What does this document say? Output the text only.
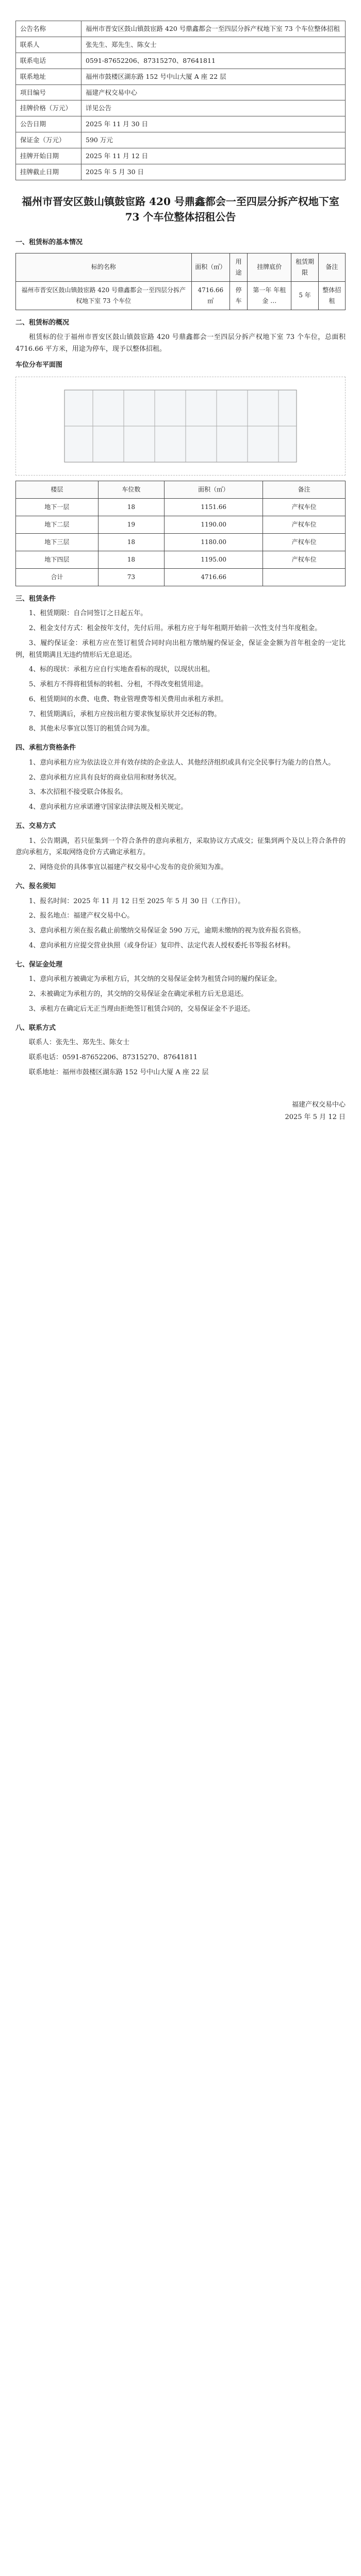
公告名称	福州市晋安区鼓山镇鼓宦路 420 号鼎鑫都会一至四层分拆产权地下室 73 个车位整体招租
联系人	张先生、郑先生、陈女士
联系电话	0591-87652206、87315270、87641811
联系地址	福州市鼓楼区湖东路 152 号中山大厦 A 座 22 层
项目编号	福建产权交易中心
挂牌价格（万元）	详见公告
公告日期	2025 年 11 月 30 日
保证金（万元）	590 万元
挂牌开始日期	2025 年 11 月 12 日
挂牌截止日期	2025 年 5 月 30 日
福州市晋安区鼓山镇鼓宦路 420 号鼎鑫都会一至四层分拆产权地下室 73 个车位整体招租公告
一、租赁标的基本情况
标的名称	面积（㎡）	用途	挂牌底价	租赁期限	备注
福州市晋安区鼓山镇鼓宦路 420 号鼎鑫都会一至四层分拆产权地下室 73 个车位	4716.66 ㎡	停车	第一年 年租金 …	5 年	整体招租
二、租赁标的概况

租赁标的位于福州市晋安区鼓山镇鼓宦路 420 号鼎鑫都会一至四层分拆产权地下室 73 个车位，总面积 4716.66 平方米，用途为停车，现予以整体招租。

车位分布平面图
楼层	车位数	面积（㎡）	备注
地下一层	18	1151.66	产权车位
地下二层	19	1190.00	产权车位
地下三层	18	1180.00	产权车位
地下四层	18	1195.00	产权车位
合计	73	4716.66	
三、租赁条件

1、租赁期限：自合同签订之日起五年。

2、租金支付方式：租金按年支付，先付后用。承租方应于每年租期开始前一次性支付当年度租金。

3、履约保证金：承租方应在签订租赁合同时向出租方缴纳履约保证金，保证金金额为首年租金的一定比例，租赁期满且无违约情形后无息退还。

4、标的现状：承租方应自行实地查看标的现状，以现状出租。

5、承租方不得将租赁标的转租、分租，不得改变租赁用途。

6、租赁期间的水费、电费、物业管理费等相关费用由承租方承担。

7、租赁期满后，承租方应按出租方要求恢复原状并交还标的物。

8、其他未尽事宜以签订的租赁合同为准。

四、承租方资格条件

1、意向承租方应为依法设立并有效存续的企业法人、其他经济组织或具有完全民事行为能力的自然人。

2、意向承租方应具有良好的商业信用和财务状况。

3、本次招租不接受联合体报名。

4、意向承租方应承诺遵守国家法律法规及相关规定。

五、交易方式

1、公告期满，若只征集到一个符合条件的意向承租方，采取协议方式成交；征集到两个及以上符合条件的意向承租方，采取网络竞价方式确定承租方。

2、网络竞价的具体事宜以福建产权交易中心发布的竞价须知为准。

六、报名须知

1、报名时间：2025 年 11 月 12 日至 2025 年 5 月 30 日（工作日）。

2、报名地点：福建产权交易中心。

3、意向承租方须在报名截止前缴纳交易保证金 590 万元，逾期未缴纳的视为放弃报名资格。

4、意向承租方应提交营业执照（或身份证）复印件、法定代表人授权委托书等报名材料。

七、保证金处理

1、意向承租方被确定为承租方后，其交纳的交易保证金转为租赁合同的履约保证金。

2、未被确定为承租方的，其交纳的交易保证金在确定承租方后无息退还。

3、承租方在确定后无正当理由拒绝签订租赁合同的，交易保证金不予退还。

八、联系方式

联系人：张先生、郑先生、陈女士

联系电话：0591-87652206、87315270、87641811

联系地址：福州市鼓楼区湖东路 152 号中山大厦 A 座 22 层

福建产权交易中心
2025 年 5 月 12 日
